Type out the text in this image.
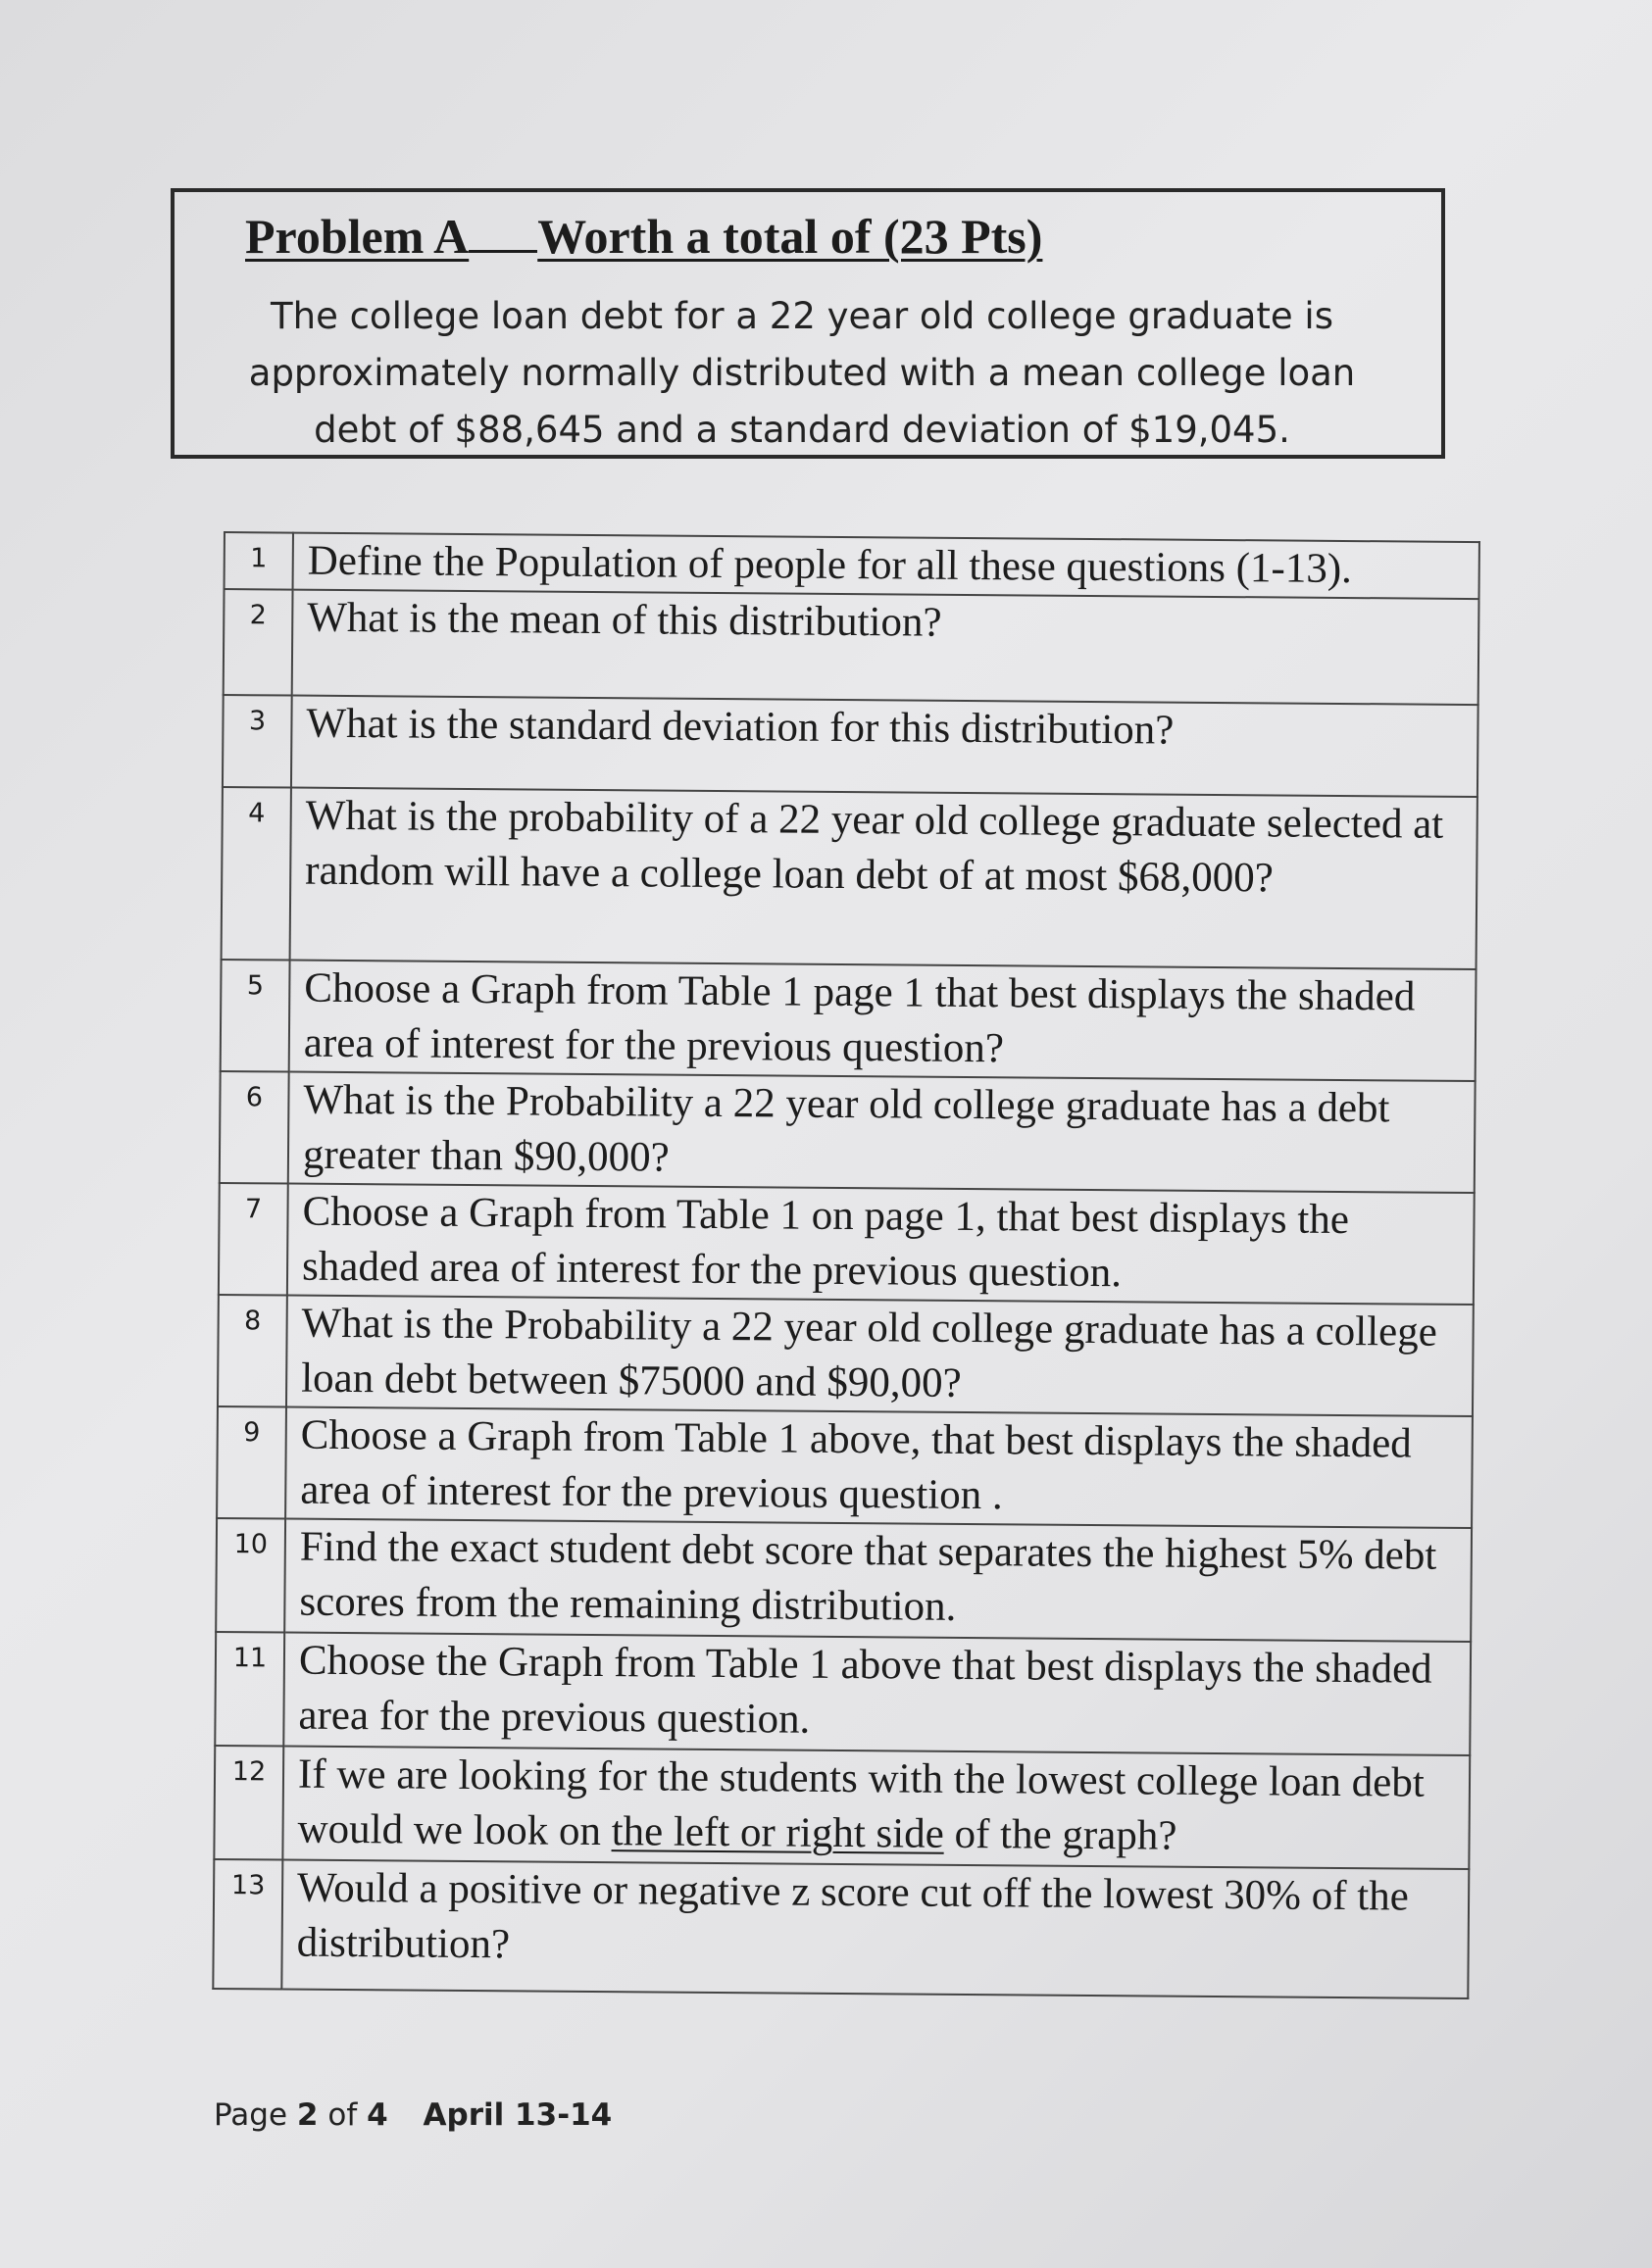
Problem A Worth a total of (23 Pts)
The college loan debt for a 22 year old college graduate is
approximately normally distributed with a mean college loan
debt of $88,645 and a standard deviation of $19,045.
1	Define the Population of people for all these questions (1-13).
2	What is the mean of this distribution?
3	What is the standard deviation for this distribution?
4	What is the probability of a 22 year old college graduate selected at random will have a college loan debt of at most $68,000?
5	Choose a Graph from Table 1 page 1 that best displays the shaded area of interest for the previous question?
6	What is the Probability a 22 year old college graduate has a debt greater than $90,000?
7	Choose a Graph from Table 1 on page 1, that best displays the shaded area of interest for the previous question.
8	What is the Probability a 22 year old college graduate has a college loan debt between $75000 and $90,00?
9	Choose a Graph from Table 1 above, that best displays the shaded area of interest for the previous question .
10	Find the exact student debt score that separates the highest 5% debt scores from the remaining distribution.
11	Choose the Graph from Table 1 above that best displays the shaded area for the previous question.
12	If we are looking for the students with the lowest college loan debt would we look on the left or right side of the graph?
13	Would a positive or negative z score cut off the lowest 30% of the distribution?
Page 2 of 4 April 13-14
